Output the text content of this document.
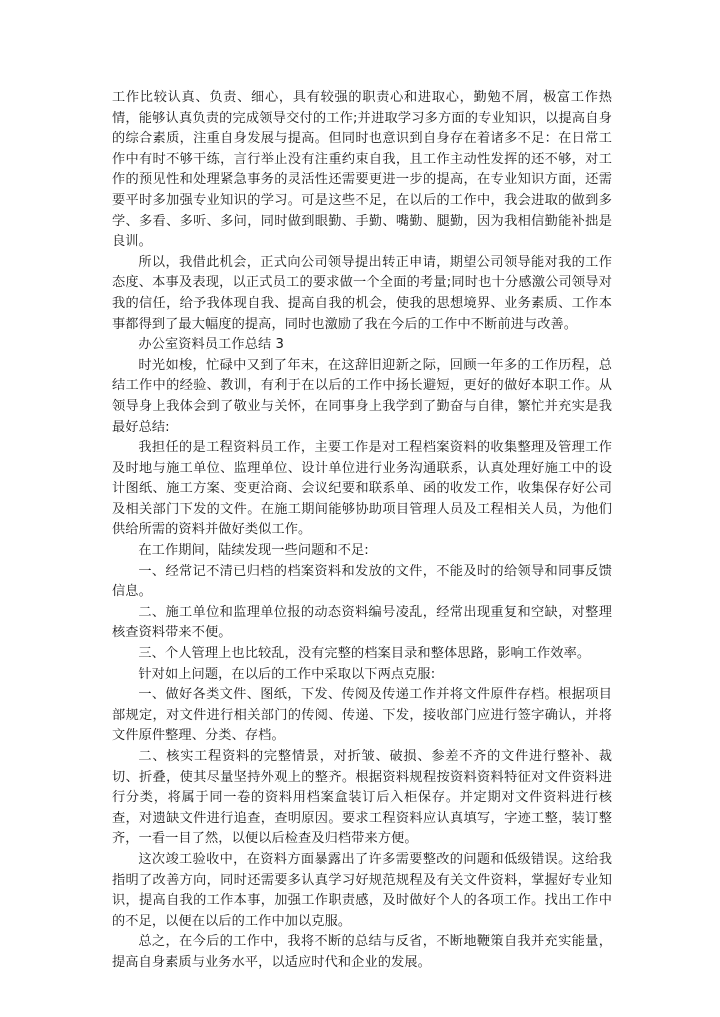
工作比较认真、负责、细心，具有较强的职责心和进取心，勤勉不屑，极富工作热情，能够认真负责的完成领导交付的工作;并进取学习多方面的专业知识，以提高自身的综合素质，注重自身发展与提高。但同时也意识到自身存在着诸多不足：在日常工作中有时不够干练，言行举止没有注重约束自我，且工作主动性发挥的还不够，对工作的预见性和处理紧急事务的灵活性还需要更进一步的提高，在专业知识方面，还需要平时多加强专业知识的学习。可是这些不足，在以后的工作中，我会进取的做到多学、多看、多听、多问，同时做到眼勤、手勤、嘴勤、腿勤，因为我相信勤能补拙是良训。

所以，我借此机会，正式向公司领导提出转正申请，期望公司领导能对我的工作态度、本事及表现，以正式员工的要求做一个全面的考量;同时也十分感激公司领导对我的信任，给予我体现自我、提高自我的机会，使我的思想境界、业务素质、工作本事都得到了最大幅度的提高，同时也激励了我在今后的工作中不断前进与改善。

办公室资料员工作总结 3

时光如梭，忙碌中又到了年末，在这辞旧迎新之际，回顾一年多的工作历程，总结工作中的经验、教训，有利于在以后的工作中扬长避短，更好的做好本职工作。从领导身上我体会到了敬业与关怀，在同事身上我学到了勤奋与自律，繁忙并充实是我最好总结:

我担任的是工程资料员工作，主要工作是对工程档案资料的收集整理及管理工作及时地与施工单位、监理单位、设计单位进行业务沟通联系，认真处理好施工中的设计图纸、施工方案、变更洽商、会议纪要和联系单、函的收发工作，收集保存好公司及相关部门下发的文件。在施工期间能够协助项目管理人员及工程相关人员，为他们供给所需的资料并做好类似工作。

在工作期间，陆续发现一些问题和不足:

一、经常记不清已归档的档案资料和发放的文件，不能及时的给领导和同事反馈信息。

二、施工单位和监理单位报的动态资料编号凌乱，经常出现重复和空缺，对整理核查资料带来不便。

三、个人管理上也比较乱，没有完整的档案目录和整体思路，影响工作效率。

针对如上问题，在以后的工作中采取以下两点克服:

一、做好各类文件、图纸，下发、传阅及传递工作并将文件原件存档。根据项目部规定，对文件进行相关部门的传阅、传递、下发，接收部门应进行签字确认，并将文件原件整理、分类、存档。

二、核实工程资料的完整情景，对折皱、破损、参差不齐的文件进行整补、裁切、折叠，使其尽量坚持外观上的整齐。根据资料规程按资料资料特征对文件资料进行分类，将属于同一卷的资料用档案盒装订后入柜保存。并定期对文件资料进行核查，对遗缺文件进行追查，查明原因。要求工程资料应认真填写，字迹工整，装订整齐，一看一目了然，以便以后检查及归档带来方便。

这次竣工验收中，在资料方面暴露出了许多需要整改的问题和低级错误。这给我指明了改善方向，同时还需要多认真学习好规范规程及有关文件资料，掌握好专业知识，提高自我的工作本事，加强工作职责感，及时做好个人的各项工作。找出工作中的不足，以便在以后的工作中加以克服。

总之，在今后的工作中，我将不断的总结与反省，不断地鞭策自我并充实能量，提高自身素质与业务水平，以适应时代和企业的发展。
